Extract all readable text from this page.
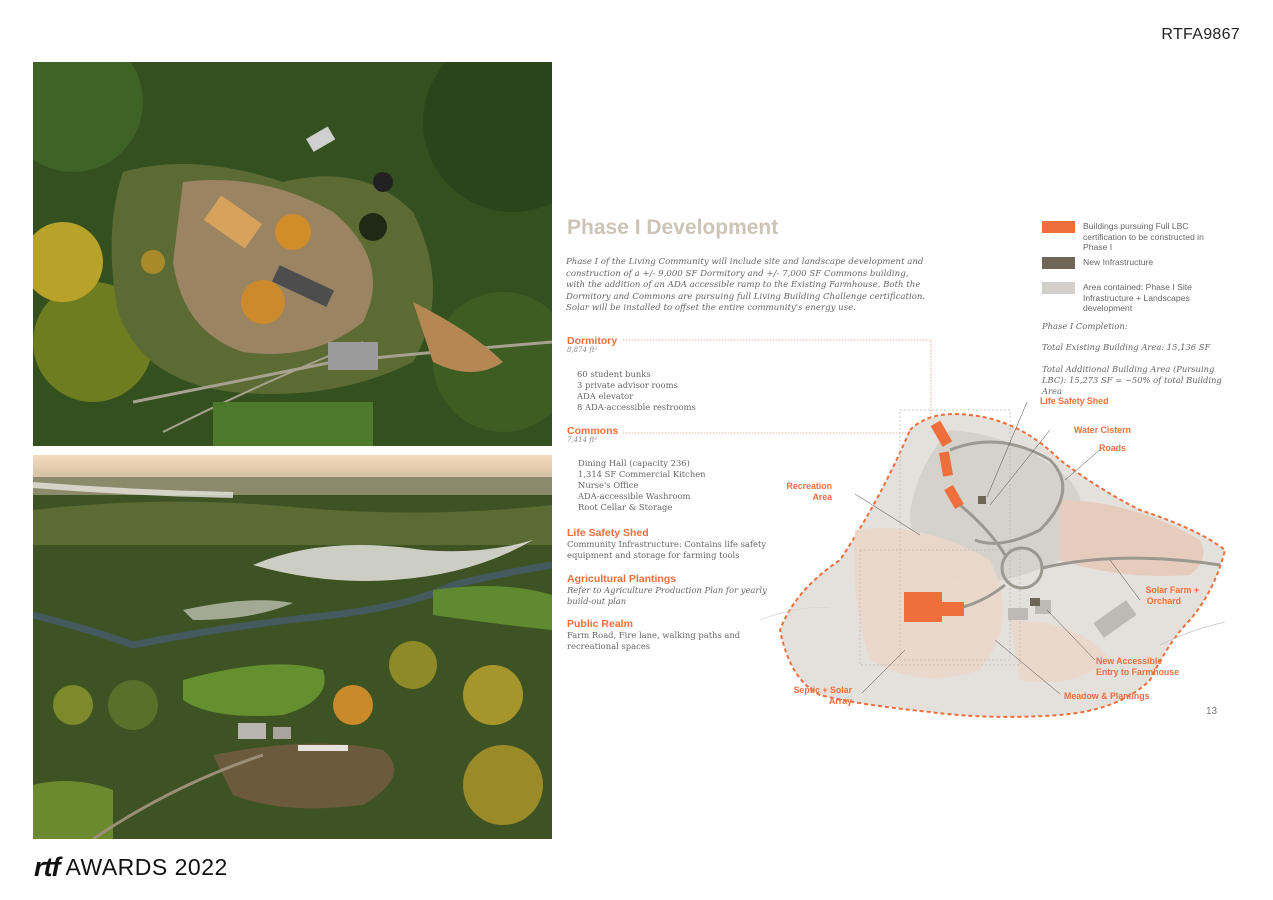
RTFA9867
rtf AWARDS 2022
Phase I Development

Phase I of the Living Community will include site and landscape development and construction of a +/- 9,000 SF Dormitory and +/- 7,000 SF Commons building, with the addition of an ADA accessible ramp to the Existing Farmhouse. Both the Dormitory and Commons are pursuing full Living Building Challenge certification. Solar will be installed to offset the entire community's energy use.

Dormitory
8,874 ft²
60 student bunks
3 private advisor rooms
ADA elevator
8 ADA-accessible restrooms
Commons
7,414 ft²
Dining Hall (capacity 236)
1,314 SF Commercial Kitchen
Nurse's Office
ADA-accessible Washroom
Root Cellar & Storage
Life Safety Shed
Community Infrastructure: Contains life safety equipment and storage for farming tools
Agricultural Plantings
Refer to Agriculture Production Plan for yearly build-out plan
Public Realm
Farm Road, Fire lane, walking paths and recreational spaces
Buildings pursuing Full LBC certification to be constructed in Phase I
New Infrastructure
Area contained: Phase I Site Infrastructure + Landscapes development
Phase I Completion:
Total Existing Building Area: 15,136 SF
Total Additional Building Area (Pursuing LBC): 15,273 SF = ~50% of total Building Area
Life Safety Shed
Water Cistern
Roads
Recreation
Area
Solar Farm +
Orchard
New Accessible
Entry to Farmhouse
Septic + Solar
Array	Meadow & Plantings
13
